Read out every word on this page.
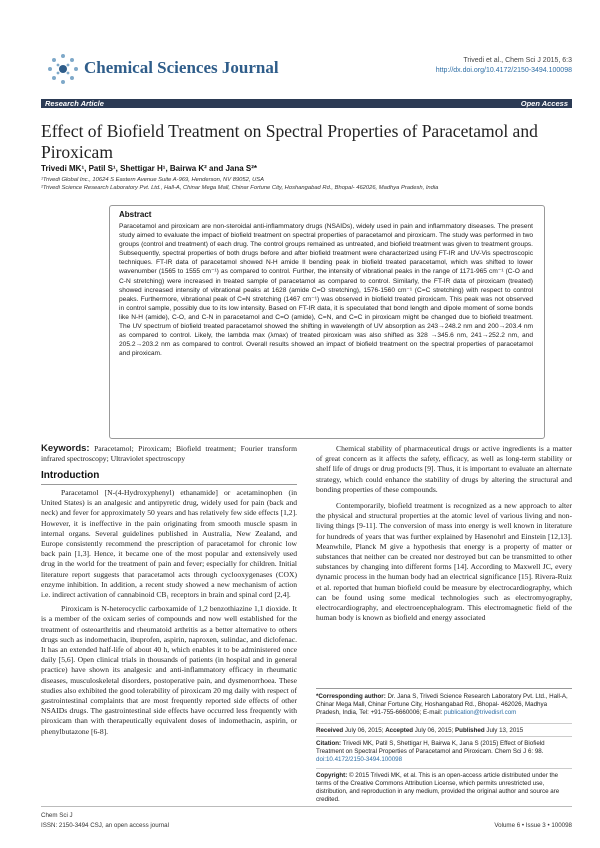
Chemical Sciences Journal	Trivedi et al., Chem Sci J 2015, 6:3
http://dx.doi.org/10.4172/2150-3494.100098
Research Article	Open Access
Effect of Biofield Treatment on Spectral Properties of Paracetamol and Piroxicam
Trivedi MK¹, Patil S¹, Shettigar H¹, Bairwa K² and Jana S²*
¹Trivedi Global Inc., 10624 S Eastern Avenue Suite A-969, Henderson, NV 89052, USA
²Trivedi Science Research Laboratory Pvt. Ltd., Hall-A, Chinar Mega Mall, Chinar Fortune City, Hoshangabad Rd., Bhopal- 462026, Madhya Pradesh, India
Abstract
Paracetamol and piroxicam are non-steroidal anti-inflammatory drugs (NSAIDs), widely used in pain and inflammatory diseases. The present study aimed to evaluate the impact of biofield treatment on spectral properties of paracetamol and piroxicam. The study was performed in two groups (control and treatment) of each drug. The control groups remained as untreated, and biofield treatment was given to treatment groups. Subsequently, spectral properties of both drugs before and after biofield treatment were characterized using FT-IR and UV-Vis spectroscopic techniques. FT-IR data of paracetamol showed N-H amide II bending peak in biofield treated paracetamol, which was shifted to lower wavenumber (1565 to 1555 cm⁻¹) as compared to control. Further, the intensity of vibrational peaks in the range of 1171-965 cm⁻¹ (C-O and C-N stretching) were increased in treated sample of paracetamol as compared to control. Similarly, the FT-IR data of piroxicam (treated) showed increased intensity of vibrational peaks at 1628 (amide C=O stretching), 1576-1560 cm⁻¹ (C=C stretching) with respect to control peaks. Furthermore, vibrational peak of C=N stretching (1467 cm⁻¹) was observed in biofield treated piroxicam. This peak was not observed in control sample, possibly due to its low intensity. Based on FT-IR data, it is speculated that bond length and dipole moment of some bonds like N-H (amide), C-O, and C-N in paracetamol and C=O (amide), C=N, and C=C in piroxicam might be changed due to biofield treatment. The UV spectrum of biofield treated paracetamol showed the shifting in wavelength of UV absorption as 243→248.2 nm and 200→203.4 nm as compared to control. Likely, the lambda max (λmax) of treated piroxicam was also shifted as 328 →345.6 nm, 241→252.2 nm, and 205.2→203.2 nm as compared to control. Overall results showed an impact of biofield treatment on the spectral properties of paracetamol and piroxicam.
Keywords: Paracetamol; Piroxicam; Biofield treatment; Fourier transform infrared spectroscopy; Ultraviolet spectroscopy
Introduction

Paracetamol [N-(4-Hydroxyphenyl) ethanamide] or acetaminophen (in United States) is an analgesic and antipyretic drug, widely used for pain (back and neck) and fever for approximately 50 years and has relatively few side effects [1,2]. However, it is ineffective in the pain originating from smooth muscle spasm in internal organs. Several guidelines published in Australia, New Zealand, and Europe consistently recommend the prescription of paracetamol for chronic low back pain [1,3]. Hence, it became one of the most popular and extensively used drug in the world for the treatment of pain and fever; especially for children. Initial literature report suggests that paracetamol acts through cyclooxygenases (COX) enzyme inhibition. In addition, a recent study showed a new mechanism of action i.e. indirect activation of cannabinoid CB₁ receptors in brain and spinal cord [2,4].

Piroxicam is N-heterocyclic carboxamide of 1,2 benzothiazine 1,1 dioxide. It is a member of the oxicam series of compounds and now well established for the treatment of osteoarthritis and rheumatoid arthritis as a better alternative to others drugs such as indomethacin, ibuprofen, aspirin, naproxen, sulindac, and diclofenac. It has an extended half-life of about 40 h, which enables it to be administered once daily [5,6]. Open clinical trials in thousands of patients (in hospital and in general practice) have shown its analgesic and anti-inflammatory efficacy in rheumatic diseases, musculoskeletal disorders, postoperative pain, and dysmenorrhoea. These studies also exhibited the good tolerability of piroxicam 20 mg daily with respect of gastrointestinal complaints that are most frequently reported side effects of other NSAIDs drugs. The gastrointestinal side effects have occurred less frequently with piroxicam than with therapeutically equivalent doses of indomethacin, aspirin, or phenylbutazone [6-8].

Chemical stability of pharmaceutical drugs or active ingredients is a matter of great concern as it affects the safety, efficacy, as well as long-term stability or shelf life of drugs or drug products [9]. Thus, it is important to evaluate an alternate strategy, which could enhance the stability of drugs by altering the structural and bonding properties of these compounds.

Contemporarily, biofield treatment is recognized as a new approach to alter the physical and structural properties at the atomic level of various living and non-living things [9-11]. The conversion of mass into energy is well known in literature for hundreds of years that was further explained by Hasenohrl and Einstein [12,13]. Meanwhile, Planck M give a hypothesis that energy is a property of matter or substances that neither can be created nor destroyed but can be transmitted to other substances by changing into different forms [14]. According to Maxwell JC, every dynamic process in the human body had an electrical significance [15]. Rivera-Ruiz et al. reported that human biofield could be measure by electrocardiography, which can be found using some medical technologies such as electromyography, electrocardiography, and electroencephalogram. This electromagnetic field of the human body is known as biofield and energy associated

*Corresponding author: Dr. Jana S, Trivedi Science Research Laboratory Pvt. Ltd., Hall-A, Chinar Mega Mall, Chinar Fortune City, Hoshangabad Rd., Bhopal- 462026, Madhya Pradesh, India, Tel: +91-755-6660006; E-mail: publication@trivedisrl.com
Received July 06, 2015; Accepted July 06, 2015; Published July 13, 2015
Citation: Trivedi MK, Patil S, Shettigar H, Bairwa K, Jana S (2015) Effect of Biofield Treatment on Spectral Properties of Paracetamol and Piroxicam. Chem Sci J 6: 98. doi:10.4172/2150-3494.100098
Copyright: © 2015 Trivedi MK, et al. This is an open-access article distributed under the terms of the Creative Commons Attribution License, which permits unrestricted use, distribution, and reproduction in any medium, provided the original author and source are credited.
Chem Sci J
ISSN: 2150-3494 CSJ, an open access journal	Volume 6 • Issue 3 • 100098
